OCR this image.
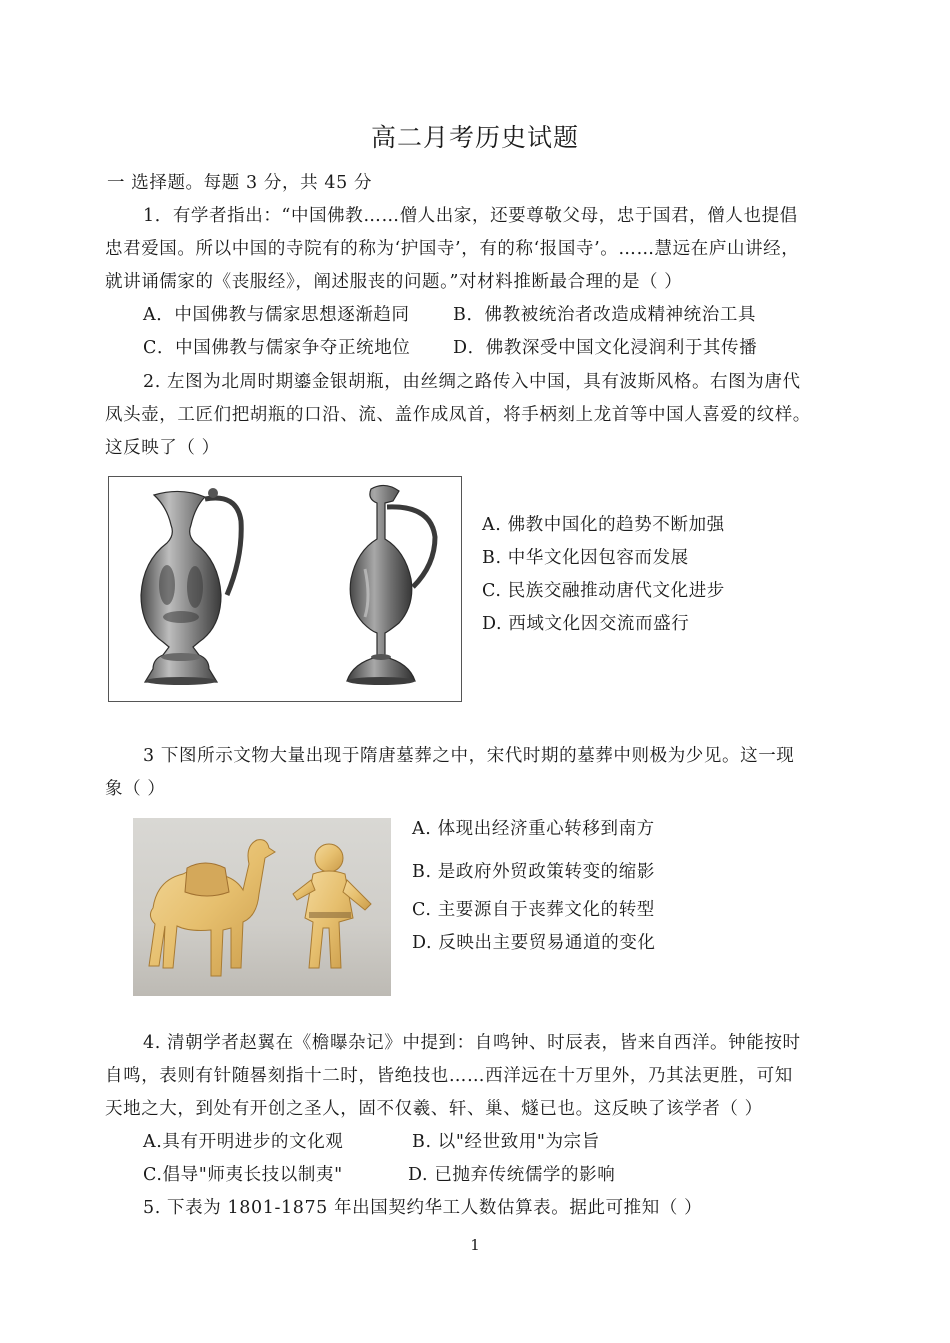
高二月考历史试题
一 选择题。每题 3 分，共 45 分
1．有学者指出：“中国佛教……僧人出家，还要尊敬父母，忠于国君，僧人也提倡
忠君爱国。所以中国的寺院有的称为‘护国寺’，有的称‘报国寺’。……慧远在庐山讲经，
就讲诵儒家的《丧服经》，阐述服丧的问题。”对材料推断最合理的是（ ）
A．中国佛教与儒家思想逐渐趋同 B．佛教被统治者改造成精神统治工具
C．中国佛教与儒家争夺正统地位 D．佛教深受中国文化浸润利于其传播
2. 左图为北周时期鎏金银胡瓶，由丝绸之路传入中国，具有波斯风格。右图为唐代
凤头壶，工匠们把胡瓶的口沿、流、盖作成凤首，将手柄刻上龙首等中国人喜爱的纹样。
这反映了（ ）
A. 佛教中国化的趋势不断加强
B. 中华文化因包容而发展
C. 民族交融推动唐代文化进步
D. 西域文化因交流而盛行
3 下图所示文物大量出现于隋唐墓葬之中，宋代时期的墓葬中则极为少见。这一现
象（ ）
A. 体现出经济重心转移到南方
B. 是政府外贸政策转变的缩影
C. 主要源自于丧葬文化的转型
D. 反映出主要贸易通道的变化
4. 清朝学者赵翼在《檐曝杂记》中提到：自鸣钟、时辰表，皆来自西洋。钟能按时
自鸣，表则有针随晷刻指十二时，皆绝技也……西洋远在十万里外，乃其法更胜，可知
天地之大，到处有开创之圣人，固不仅羲、轩、巢、燧已也。这反映了该学者（ ）
A.具有开明进步的文化观	B. 以"经世致用"为宗旨
C.倡导"师夷长技以制夷"	D. 已抛弃传统儒学的影响
5. 下表为 1801-1875 年出国契约华工人数估算表。据此可推知（ ）
1
